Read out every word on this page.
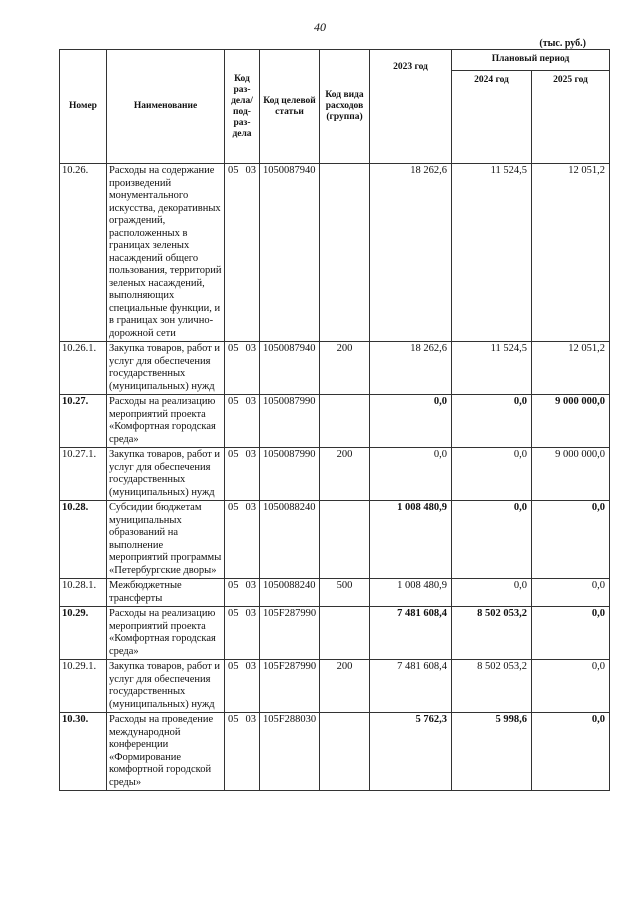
40
(тыс. руб.)
Номер	Наименование	Код раз-дела/ под-раз-дела	Код целевой статьи	Код вида расходов (группа)	2023 год	Плановый период	
						2024 год	2025 год
10.26.	Расходы на содержание произведений монументального искусства, декоративных ограждений, расположенных в границах зеленых насаждений общего пользования, территорий зеленых насаждений, выполняющих специальные функции, и в границах зон улично-дорожной сети	05 03	1050087940		18 262,6	11 524,5	12 051,2
10.26.1.	Закупка товаров, работ и услуг для обеспечения государственных (муниципальных) нужд	05 03	1050087940	200	18 262,6	11 524,5	12 051,2
10.27.	Расходы на реализацию мероприятий проекта «Комфортная городская среда»	05 03	1050087990		0,0	0,0	9 000 000,0
10.27.1.	Закупка товаров, работ и услуг для обеспечения государственных (муниципальных) нужд	05 03	1050087990	200	0,0	0,0	9 000 000,0
10.28.	Субсидии бюджетам муниципальных образований на выполнение мероприятий программы «Петербургские дворы»	05 03	1050088240		1 008 480,9	0,0	0,0
10.28.1.	Межбюджетные трансферты	05 03	1050088240	500	1 008 480,9	0,0	0,0
10.29.	Расходы на реализацию мероприятий проекта «Комфортная городская среда»	05 03	105F287990		7 481 608,4	8 502 053,2	0,0
10.29.1.	Закупка товаров, работ и услуг для обеспечения государственных (муниципальных) нужд	05 03	105F287990	200	7 481 608,4	8 502 053,2	0,0
10.30.	Расходы на проведение международной конференции «Формирование комфортной городской среды»	05 03	105F288030		5 762,3	5 998,6	0,0
